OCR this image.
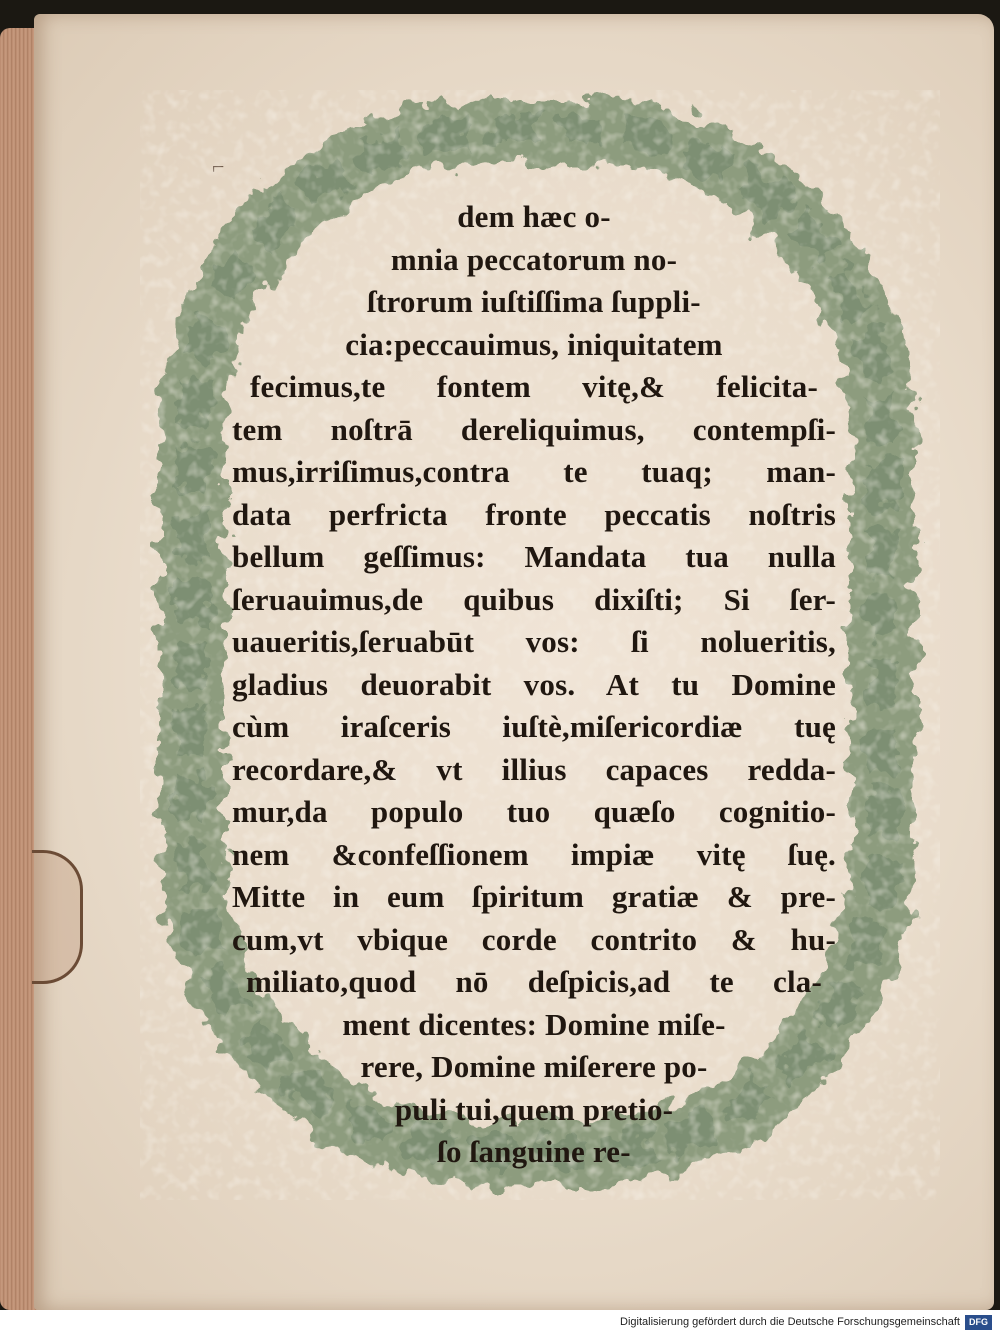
dem hæc o-
mnia peccatorum no-
ſtrorum iuſtiſſima ſuppli-
cia:peccauimus, iniquitatem
fecimus,te fontem vitę,& felicita-
tem noſtrā dereliquimus, contempſi-
mus,irriſimus,contra te tuaq; man-
data perfricta fronte peccatis noſtris
bellum geſſimus: Mandata tua nulla
ſeruauimus,de quibus dixiſti; Si ſer-
uaueritis,ſeruabūt vos: ſi nolueritis,
gladius deuorabit vos. At tu Domine
cùm iraſceris iuſtè,miſericordiæ tuę
recordare,& vt illius capaces redda-
mur,da populo tuo quæſo cognitio-
nem &confeſſionem impiæ vitę ſuę.
Mitte in eum ſpiritum gratiæ & pre-
cum,vt vbique corde contrito & hu-
miliato,quod nō deſpicis,ad te cla-
ment dicentes: Domine miſe-
rere, Domine miſerere po-
puli tui,quem pretio-
ſo ſanguine re-
Digitalisierung gefördert durch die Deutsche Forschungsgemeinschaft	DFG
